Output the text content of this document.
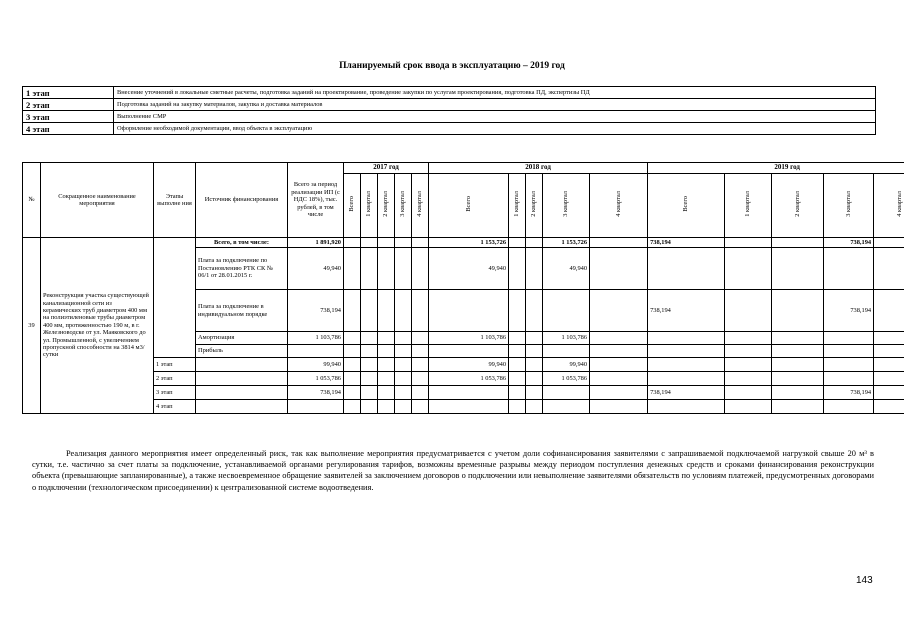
Планируемый срок ввода в эксплуатацию – 2019 год
1 этап	Внесение уточнений в локальные сметные расчеты, подготовка заданий на проектирование, проведение закупки по услугам проектирования, подготовка ПД, экспертизы ПД
2 этап	Подготовка заданий на закупку материалов, закупка и доставка материалов
3 этап	Выполнение СМР
4 этап	Оформление необходимой документации, ввод объекта в эксплуатацию
№	Сокращенное наименование мероприятия	Этапы выполне ния	Источник финансирования	Всего за период реализации ИП (с НДС 18%), тыс. рублей, в том числе	2017 год					2018 год					2019 год				
					Всего	1 квартал	2 квартал	3 квартал	4 квартал	Всего	1 квартал	2 квартал	3 квартал	4 квартал	Всего	1 квартал	2 квартал	3 квартал	4 квартал
39	Реконструкция участка существующей канализационной сети из керамических труб диаметром 400 мм на полиэтиленовые трубы диаметром 400 мм, протяженностью 190 м, в г. Железноводске от ул. Маяковского до ул. Промышленной, с увеличением пропускной способности на 3814 м3/сутки		Всего, в том числе:	1 891,920						1 153,726			1 153,726		738,194			738,194	
			Плата за подключение по Постановлению РТК СК № 06/1 от 28.01.2015 г.	49,940						49,940			49,940						
			Плата за подключение в индивидуальном порядке	738,194											738,194			738,194	
			Амортизация	1 103,786						1 103,786			1 103,786						
			Прибыль																
		1 этап		99,940						99,940			99,940						
		2 этап		1 053,786						1 053,786			1 053,786						
		3 этап		738,194											738,194			738,194	
		4 этап																	
Реализация данного мероприятия имеет определенный риск, так как выполнение мероприятия предусматривается с учетом доли софинансирования заявителями с запрашиваемой подключаемой нагрузкой свыше 20 м³ в сутки, т.е. частично за счет платы за подключение, устанавливаемой органами регулирования тарифов, возможны временные разрывы между периодом поступления денежных средств и сроками финансирования реконструкции объекта (превышающие запланированные), а также несвоевременное обращение заявителей за заключением договоров о подключении или невыполнение заявителями обязательств по условиям платежей, предусмотренных договорами о подключении (технологическом присоединении) к централизованной системе водоотведения.
143
